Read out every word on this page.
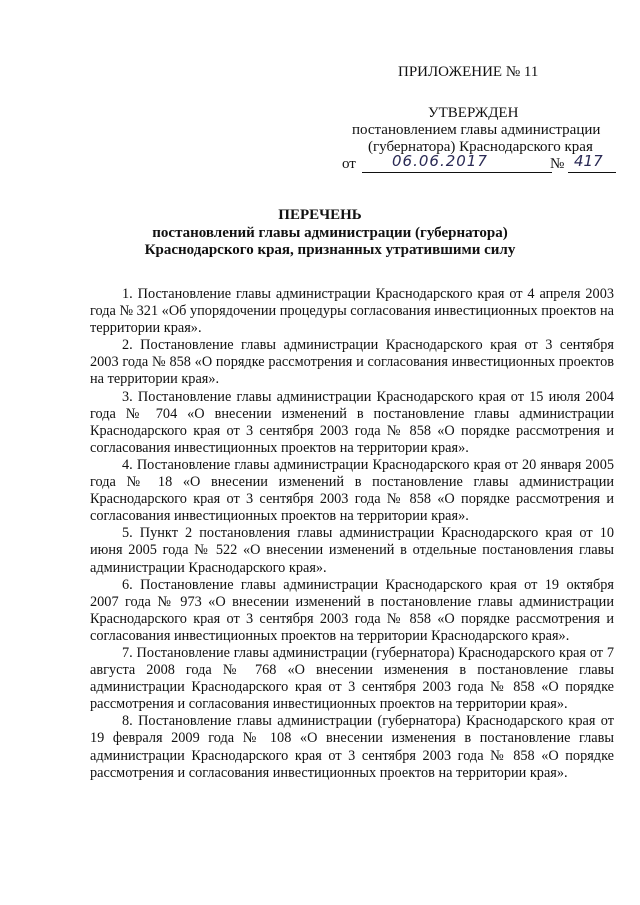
ПРИЛОЖЕНИЕ № 11
УТВЕРЖДЕН
постановлением главы администрации
(губернатора) Краснодарского края
от 06.06.2017	№ 417
ПЕРЕЧЕНЬ
постановлений главы администрации (губернатора)
Краснодарского края, признанных утратившими силу

1. Постановление главы администрации Краснодарского края от 4 апреля 2003 года № 321 «Об упорядочении процедуры согласования инвестиционных проектов на территории края».

2. Постановление главы администрации Краснодарского края от 3 сентября 2003 года № 858 «О порядке рассмотрения и согласования инвестиционных проектов на территории края».

3. Постановление главы администрации Краснодарского края от 15 июля 2004 года № 704 «О внесении изменений в постановление главы администрации Краснодарского края от 3 сентября 2003 года № 858 «О порядке рассмотрения и согласования инвестиционных проектов на территории края».

4. Постановление главы администрации Краснодарского края от 20 января 2005 года № 18 «О внесении изменений в постановление главы администрации Краснодарского края от 3 сентября 2003 года № 858 «О порядке рассмотрения и согласования инвестиционных проектов на территории края».

5. Пункт 2 постановления главы администрации Краснодарского края от 10 июня 2005 года № 522 «О внесении изменений в отдельные постановления главы администрации Краснодарского края».

6. Постановление главы администрации Краснодарского края от 19 октября 2007 года № 973 «О внесении изменений в постановление главы администрации Краснодарского края от 3 сентября 2003 года № 858 «О порядке рассмотрения и согласования инвестиционных проектов на территории Краснодарского края».

7. Постановление главы администрации (губернатора) Краснодарского края от 7 августа 2008 года № 768 «О внесении изменения в постановление главы администрации Краснодарского края от 3 сентября 2003 года № 858 «О порядке рассмотрения и согласования инвестиционных проектов на территории края».

8. Постановление главы администрации (губернатора) Краснодарского края от 19 февраля 2009 года № 108 «О внесении изменения в постановление главы администрации Краснодарского края от 3 сентября 2003 года № 858 «О порядке рассмотрения и согласования инвестиционных проектов на территории края».
